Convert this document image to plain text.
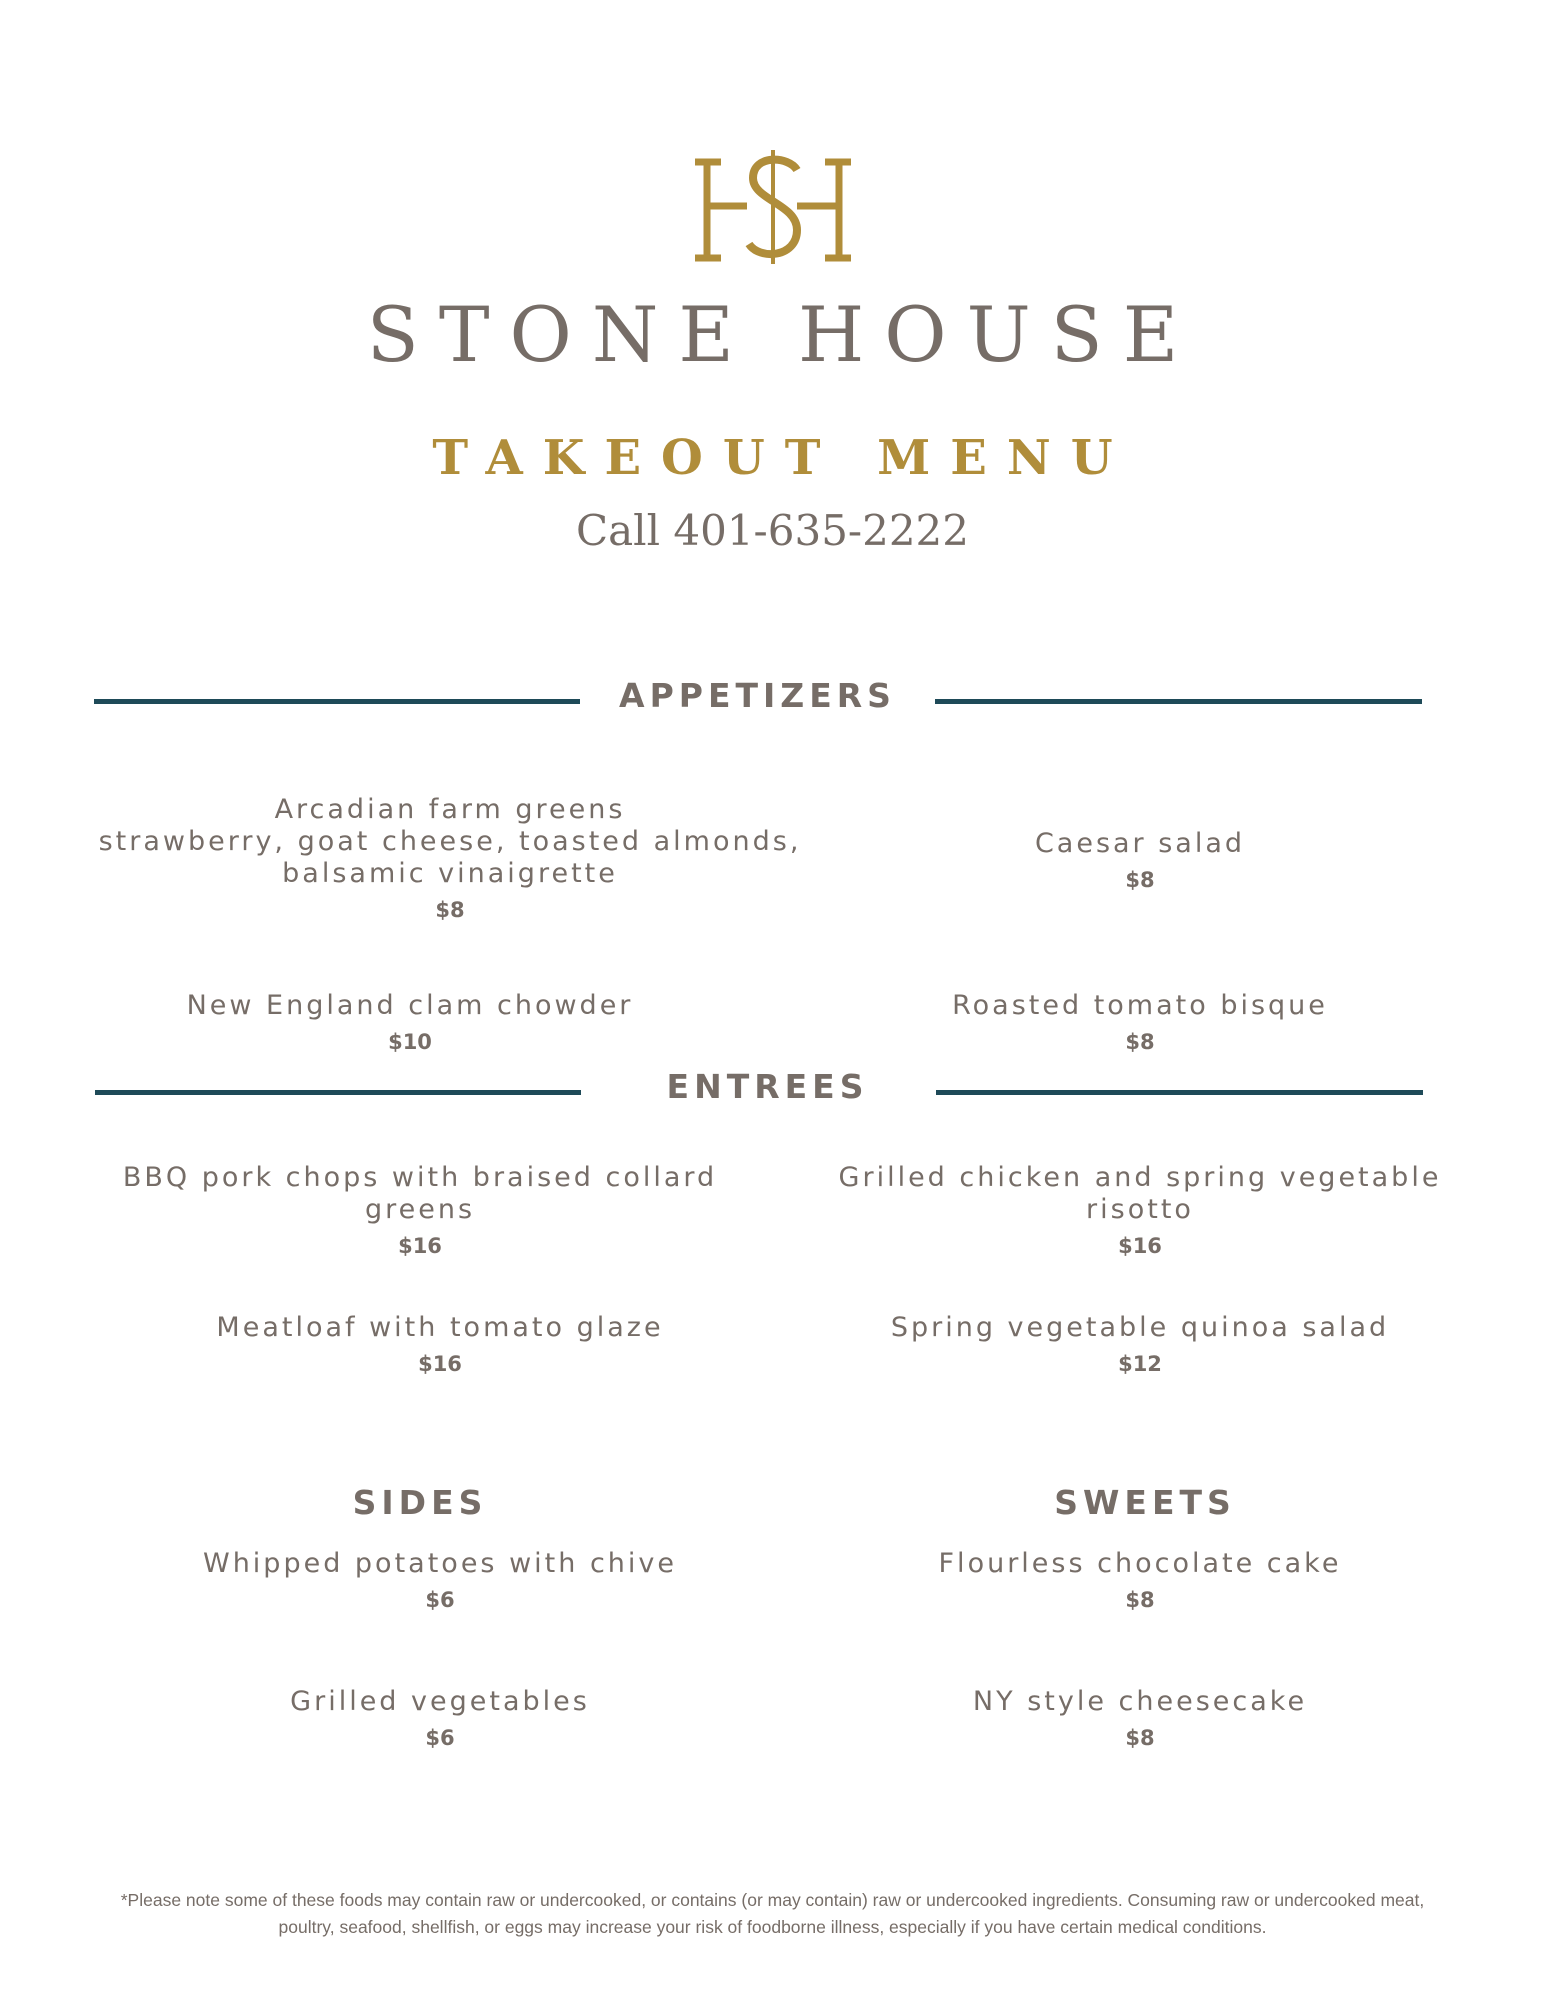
STONE HOUSE
TAKEOUT MENU
Call 401-635-2222
APPETIZERS
Arcadian farm greens
strawberry, goat cheese, toasted almonds,
balsamic vinaigrette
$8
Caesar salad
$8
New England clam chowder
$10
Roasted tomato bisque
$8
ENTREES
BBQ pork chops with braised collard
greens
$16
Grilled chicken and spring vegetable
risotto
$16
Meatloaf with tomato glaze
$16
Spring vegetable quinoa salad
$12
SIDES
Whipped potatoes with chive
$6
Grilled vegetables
$6
SWEETS
Flourless chocolate cake
$8
NY style cheesecake
$8
*Please note some of these foods may contain raw or undercooked, or contains (or may contain) raw or undercooked ingredients. Consuming raw or undercooked meat, poultry, seafood, shellfish, or eggs may increase your risk of foodborne illness, especially if you have certain medical conditions.
